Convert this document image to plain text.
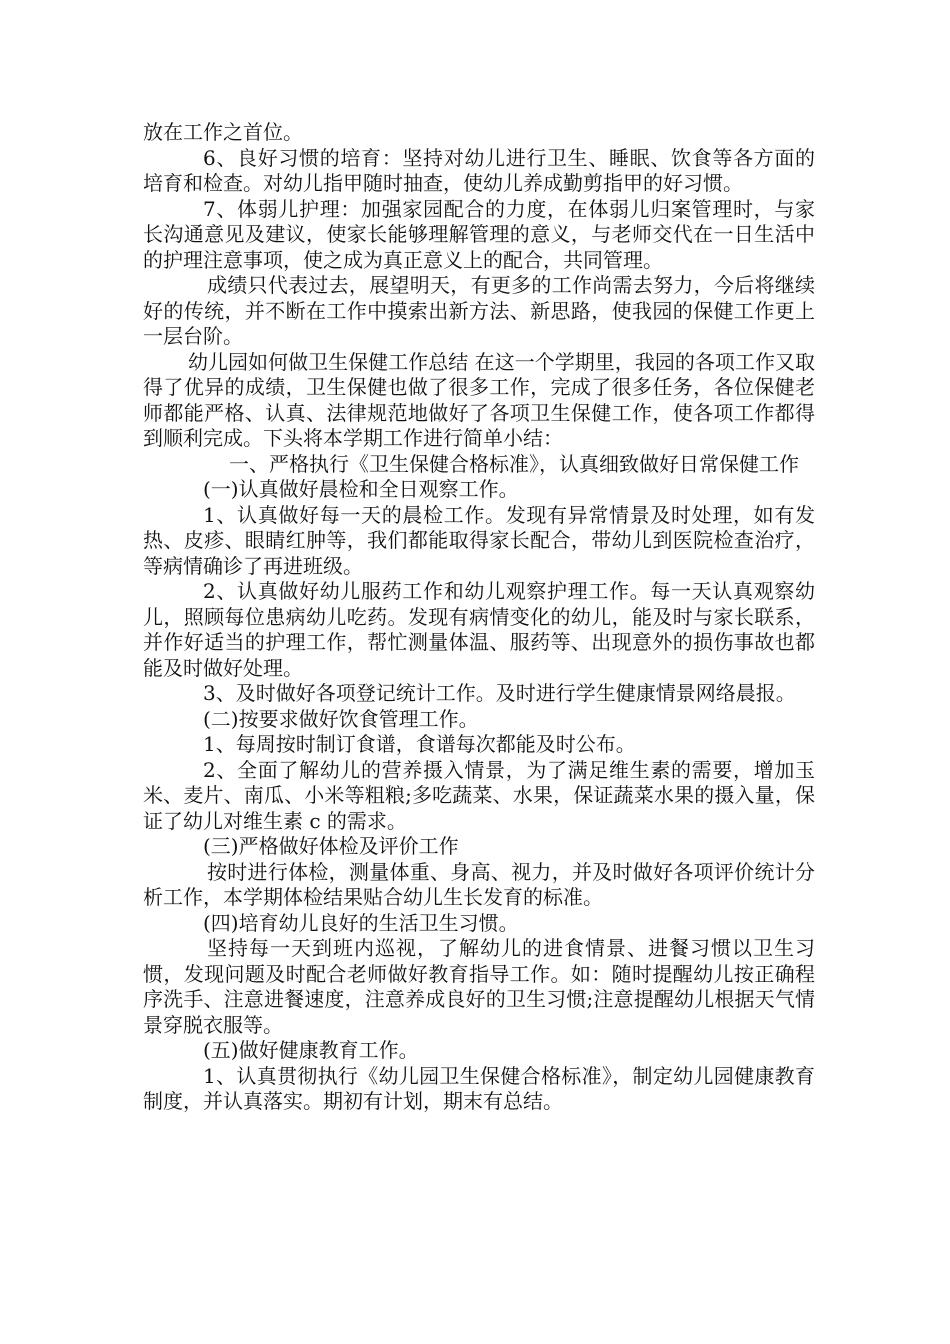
放在工作之首位。

6、良好习惯的培育：坚持对幼儿进行卫生、睡眠、饮食等各方面的培育和检查。对幼儿指甲随时抽查，使幼儿养成勤剪指甲的好习惯。

7、体弱儿护理：加强家园配合的力度，在体弱儿归案管理时，与家长沟通意见及建议，使家长能够理解管理的意义，与老师交代在一日生活中的护理注意事项，使之成为真正意义上的配合，共同管理。

成绩只代表过去，展望明天，有更多的工作尚需去努力，今后将继续好的传统，并不断在工作中摸索出新方法、新思路，使我园的保健工作更上一层台阶。

幼儿园如何做卫生保健工作总结 在这一个学期里，我园的各项工作又取得了优异的成绩，卫生保健也做了很多工作，完成了很多任务，各位保健老师都能严格、认真、法律规范地做好了各项卫生保健工作，使各项工作都得到顺利完成。下头将本学期工作进行简单小结：

一、严格执行《卫生保健合格标准》，认真细致做好日常保健工作

(一)认真做好晨检和全日观察工作。

1、认真做好每一天的晨检工作。发现有异常情景及时处理，如有发热、皮疹、眼睛红肿等，我们都能取得家长配合，带幼儿到医院检查治疗，等病情确诊了再进班级。

2、认真做好幼儿服药工作和幼儿观察护理工作。每一天认真观察幼儿，照顾每位患病幼儿吃药。发现有病情变化的幼儿，能及时与家长联系，并作好适当的护理工作，帮忙测量体温、服药等、出现意外的损伤事故也都能及时做好处理。

3、及时做好各项登记统计工作。及时进行学生健康情景网络晨报。

(二)按要求做好饮食管理工作。

1、每周按时制订食谱，食谱每次都能及时公布。

2、全面了解幼儿的营养摄入情景，为了满足维生素的需要，增加玉米、麦片、南瓜、小米等粗粮;多吃蔬菜、水果，保证蔬菜水果的摄入量，保证了幼儿对维生素 c 的需求。

(三)严格做好体检及评价工作

按时进行体检，测量体重、身高、视力，并及时做好各项评价统计分析工作，本学期体检结果贴合幼儿生长发育的标准。

(四)培育幼儿良好的生活卫生习惯。

坚持每一天到班内巡视，了解幼儿的进食情景、进餐习惯以卫生习惯，发现问题及时配合老师做好教育指导工作。如：随时提醒幼儿按正确程序洗手、注意进餐速度，注意养成良好的卫生习惯;注意提醒幼儿根据天气情景穿脱衣服等。

(五)做好健康教育工作。

1、认真贯彻执行《幼儿园卫生保健合格标准》，制定幼儿园健康教育制度，并认真落实。期初有计划，期末有总结。
